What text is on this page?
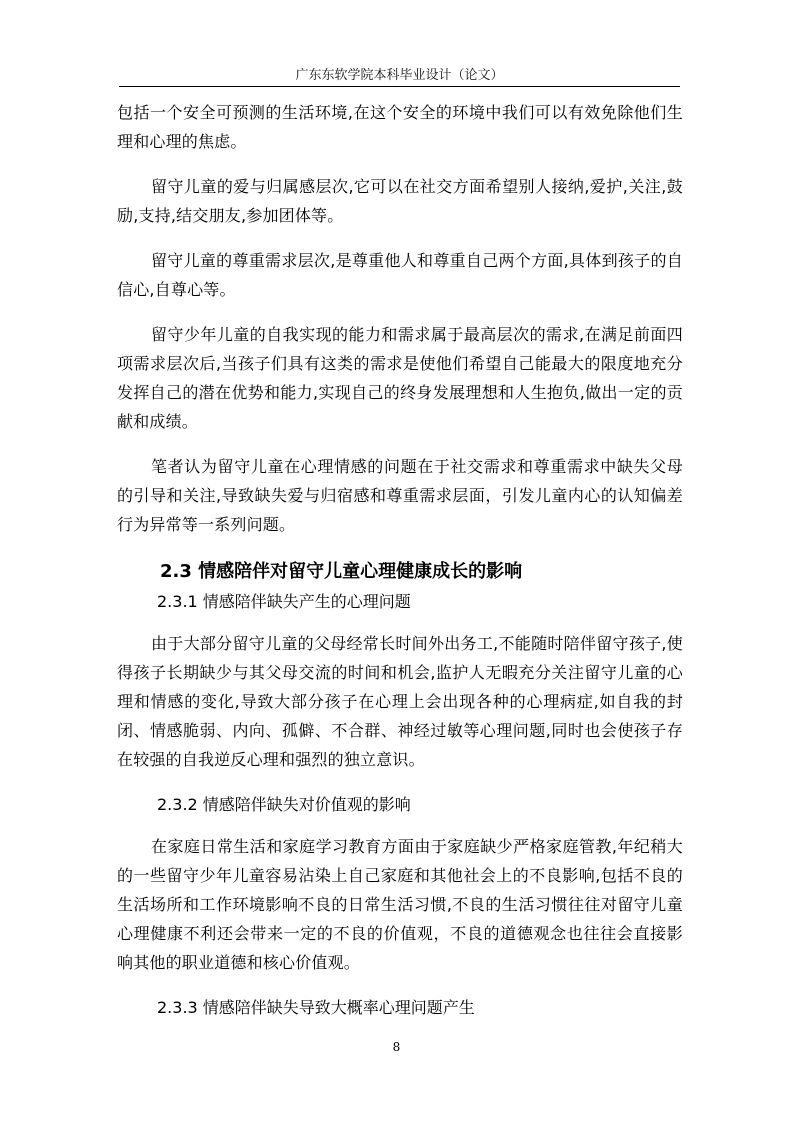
广东东软学院本科毕业设计（论文）

包括一个安全可预测的生活环境,在这个安全的环境中我们可以有效免除他们生理和心理的焦虑。

留守儿童的爱与归属感层次,它可以在社交方面希望别人接纳,爱护,关注,鼓励,支持,结交朋友,参加团体等。

留守儿童的尊重需求层次,是尊重他人和尊重自己两个方面,具体到孩子的自信心,自尊心等。

留守少年儿童的自我实现的能力和需求属于最高层次的需求,在满足前面四项需求层次后,当孩子们具有这类的需求是使他们希望自己能最大的限度地充分发挥自己的潜在优势和能力,实现自己的终身发展理想和人生抱负,做出一定的贡献和成绩。

笔者认为留守儿童在心理情感的问题在于社交需求和尊重需求中缺失父母的引导和关注,导致缺失爱与归宿感和尊重需求层面，引发儿童内心的认知偏差行为异常等一系列问题。

2.3 情感陪伴对留守儿童心理健康成长的影响
2.3.1 情感陪伴缺失产生的心理问题

由于大部分留守儿童的父母经常长时间外出务工,不能随时陪伴留守孩子,使得孩子长期缺少与其父母交流的时间和机会,监护人无暇充分关注留守儿童的心理和情感的变化,导致大部分孩子在心理上会出现各种的心理病症,如自我的封闭、情感脆弱、内向、孤僻、不合群、神经过敏等心理问题,同时也会使孩子存在较强的自我逆反心理和强烈的独立意识。

2.3.2 情感陪伴缺失对价值观的影响

在家庭日常生活和家庭学习教育方面由于家庭缺少严格家庭管教,年纪稍大的一些留守少年儿童容易沾染上自己家庭和其他社会上的不良影响,包括不良的生活场所和工作环境影响不良的日常生活习惯,不良的生活习惯往往对留守儿童心理健康不利还会带来一定的不良的价值观，不良的道德观念也往往会直接影响其他的职业道德和核心价值观。

2.3.3 情感陪伴缺失导致大概率心理问题产生
8
